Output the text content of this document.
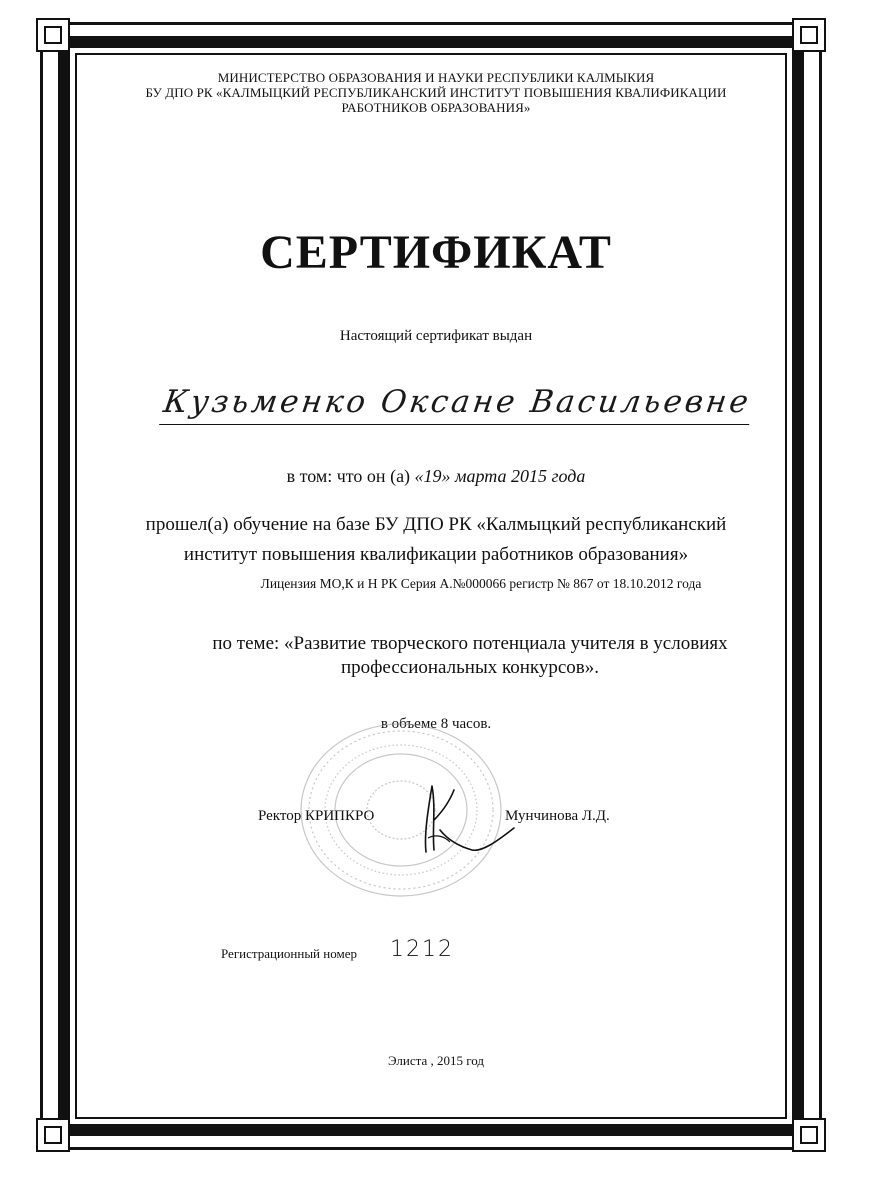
МИНИСТЕРСТВО ОБРАЗОВАНИЯ И НАУКИ РЕСПУБЛИКИ КАЛМЫКИЯ
БУ ДПО РК «КАЛМЫЦКИЙ РЕСПУБЛИКАНСКИЙ ИНСТИТУТ ПОВЫШЕНИЯ КВАЛИФИКАЦИИ
РАБОТНИКОВ ОБРАЗОВАНИЯ»
СЕРТИФИКАТ
Настоящий сертификат выдан
Кузьменко Оксане Васильевне
в том: что он (а) «19» марта 2015 года
прошел(а) обучение на базе БУ ДПО РК «Калмыцкий республиканский
институт повышения квалификации работников образования»
Лицензия МО,К и Н РК Серия А.№000066 регистр № 867 от 18.10.2012 года
по теме: «Развитие творческого потенциала учителя в условиях
профессиональных конкурсов».
в объеме 8 часов.
Ректор КРИПКРО	Мунчинова Л.Д.
Регистрационный номер 1212
Элиста , 2015 год
